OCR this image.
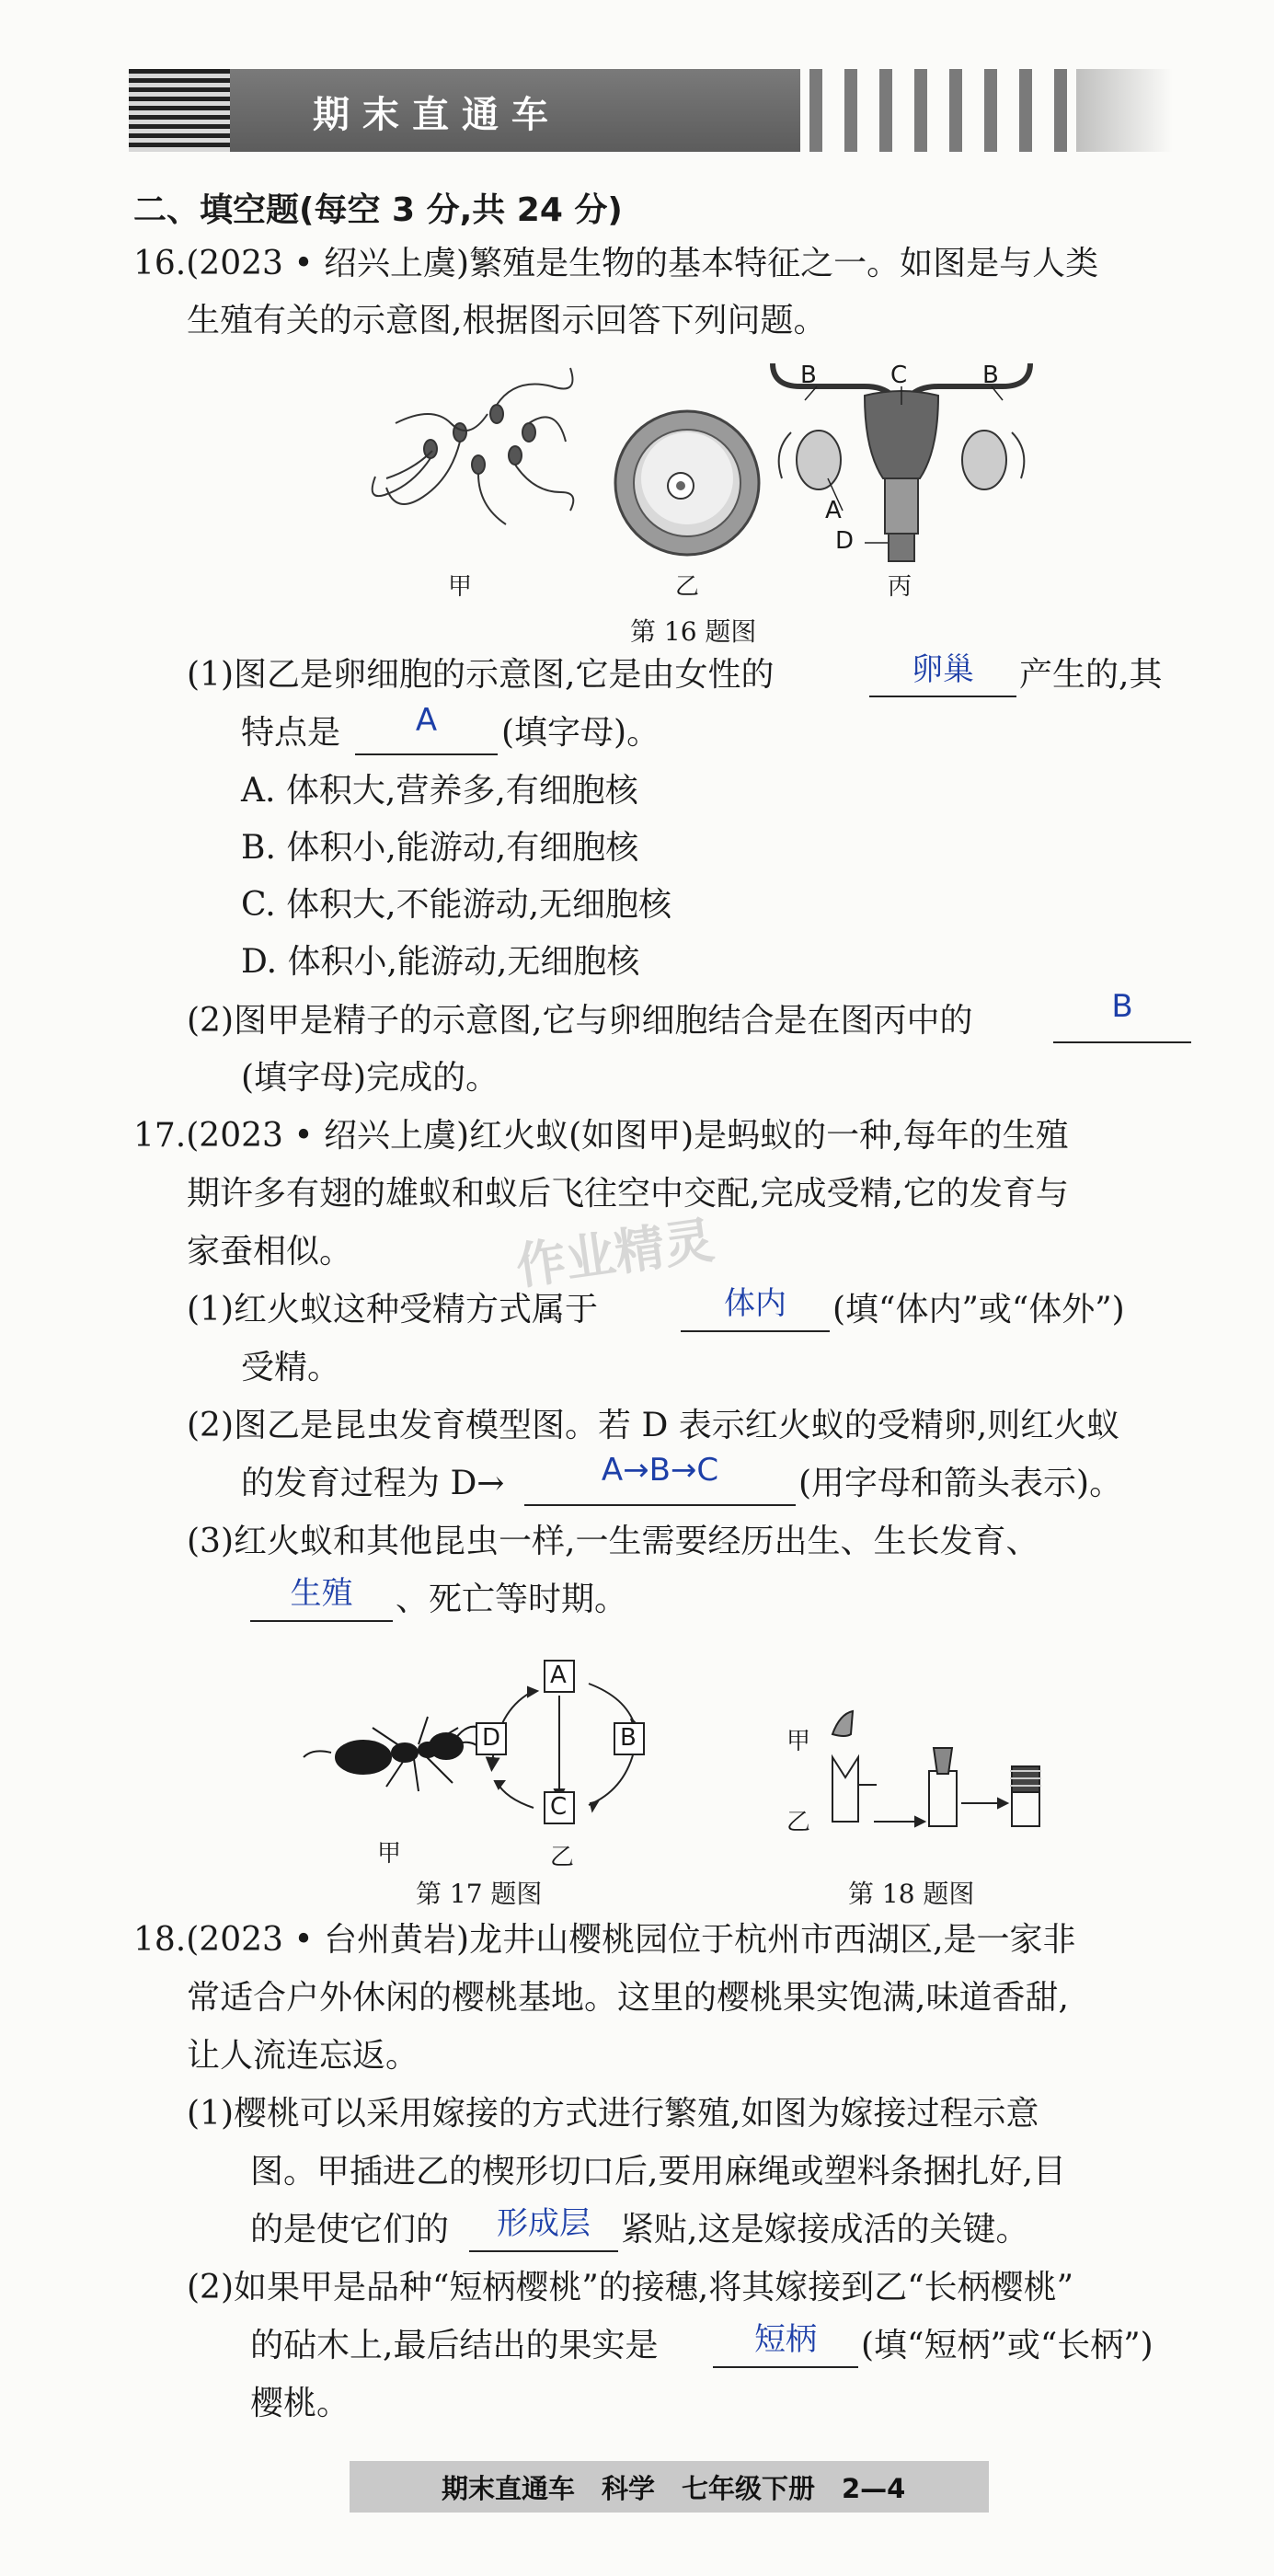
期末直通车
二、填空题(每空 3 分,共 24 分)
作业精灵
16.(2023 • 绍兴上虞)繁殖是生物的基本特征之一。如图是与人类
生殖有关的示意图,根据图示回答下列问题。
B	C	B
A
D
甲	乙	丙
第 16 题图
(1)图乙是卵细胞的示意图,它是由女性的	卵巢	产生的,其
特点是	A	(填字母)。
A. 体积大,营养多,有细胞核
B. 体积小,能游动,有细胞核
C. 体积大,不能游动,无细胞核
D. 体积小,能游动,无细胞核
(2)图甲是精子的示意图,它与卵细胞结合是在图丙中的	B
(填字母)完成的。
17.(2023 • 绍兴上虞)红火蚁(如图甲)是蚂蚁的一种,每年的生殖
期许多有翅的雄蚁和蚁后飞往空中交配,完成受精,它的发育与
家蚕相似。
(1)红火蚁这种受精方式属于	体内	(填“体内”或“体外”)
受精。
(2)图乙是昆虫发育模型图。若 D 表示红火蚁的受精卵,则红火蚁
的发育过程为 D→	A→B→C	(用字母和箭头表示)。
(3)红火蚁和其他昆虫一样,一生需要经历出生、生长发育、
生殖	、死亡等时期。
A
B
C
D
甲	乙
第 17 题图
甲
乙
第 18 题图
18.(2023 • 台州黄岩)龙井山樱桃园位于杭州市西湖区,是一家非
常适合户外休闲的樱桃基地。这里的樱桃果实饱满,味道香甜,
让人流连忘返。
(1)樱桃可以采用嫁接的方式进行繁殖,如图为嫁接过程示意
图。甲插进乙的楔形切口后,要用麻绳或塑料条捆扎好,目
的是使它们的	形成层 紧贴,这是嫁接成活的关键。
(2)如果甲是品种“短柄樱桃”的接穗,将其嫁接到乙“长柄樱桃”
的砧木上,最后结出的果实是	短柄	(填“短柄”或“长柄”)
樱桃。
期末直通车　科学　七年级下册　2—4
